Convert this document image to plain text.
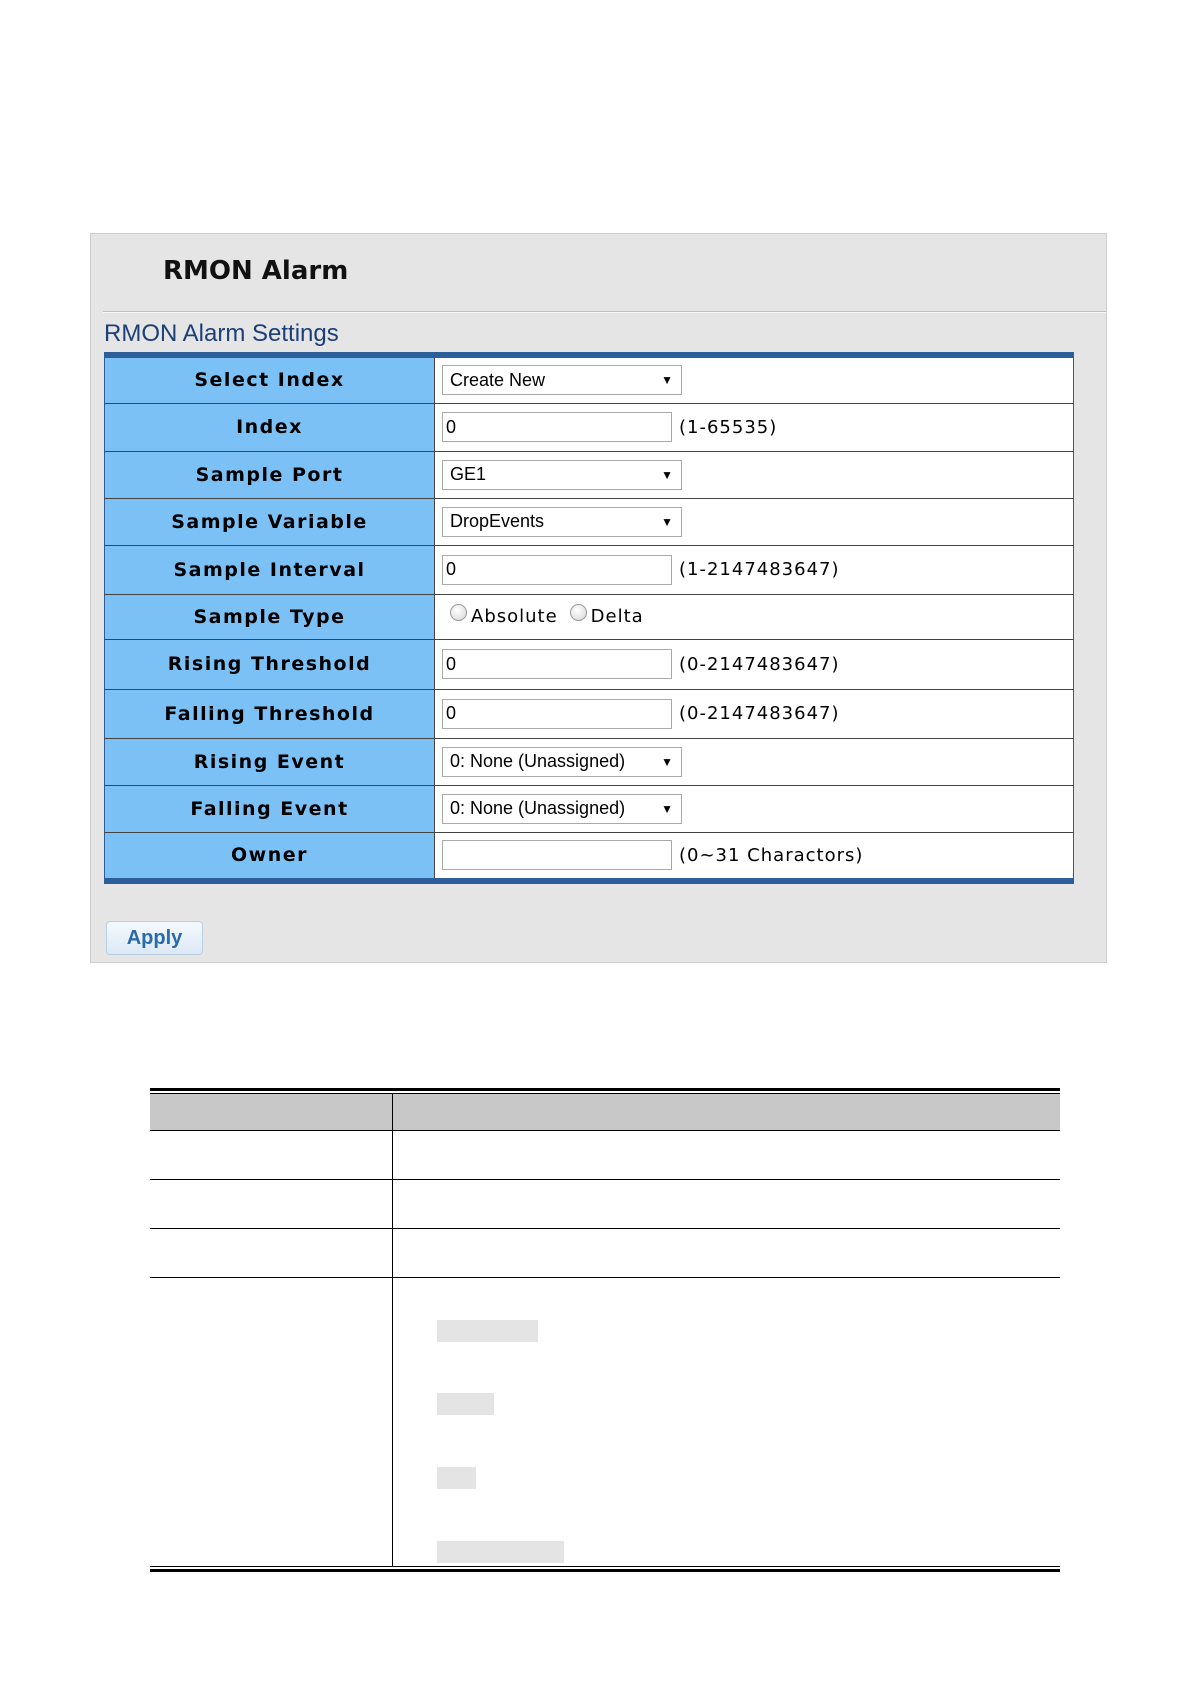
RMON Alarm
RMON Alarm Settings
Select Index	Create New ▼

Index	0 (1-65535)

Sample Port	GE1 ▼

Sample Variable	DropEvents ▼

Sample Interval	0 (1-2147483647)

Sample Type	Absolute Delta

Rising Threshold	0 (0-2147483647)

Falling Threshold	0 (0-2147483647)

Rising Event	0: None (Unassigned) ▼

Falling Event	0: None (Unassigned) ▼

Owner	(0~31 Charactors)
Apply
